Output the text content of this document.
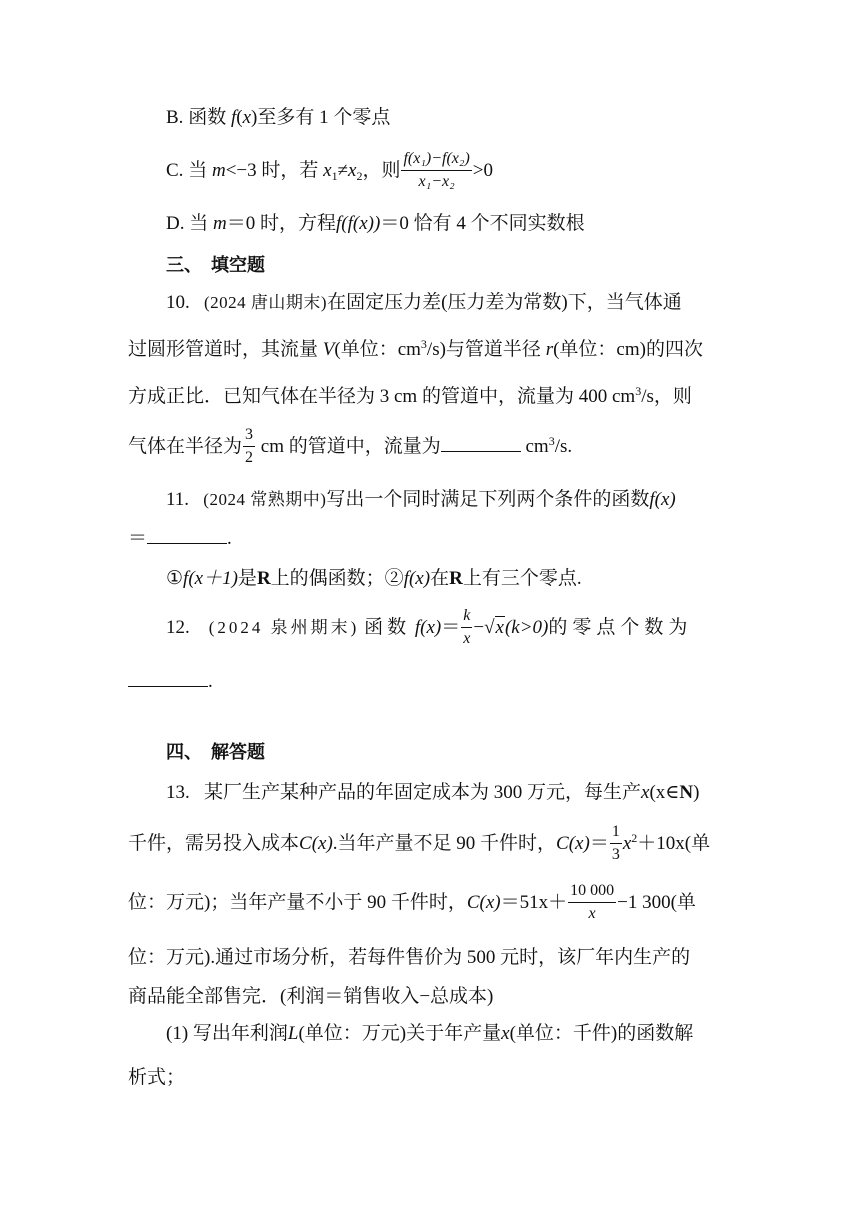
B. 函数 f(x)至多有 1 个零点
C. 当 m<−3 时，若 $x_1\ne x_2$，则 $\frac{\text{f(x₁)−f(x₂)}}{\text{x₁−x₂}} >0$
D. 当 m＝0 时，方程f(f(x))＝0 恰有 4 个不同实数根
三、　填空题
10. (2024 唐山期末)在固定压力差(压力差为常数)下，当气体通
过圆形管道时，其流量 V(单位：$cm^3/s$)与管道半径 r(单位：cm)的四次
方成正比．已知气体在半径为 3 cm 的管道中，流量为 400 $cm^3/s$，则
气体在半径为 $\frac{3}{2}$ cm 的管道中，流量为	$cm^3/s$.
11. (2024 常熟期中)写出一个同时满足下列两个条件的函数f(x)
＝	.
①f(x＋1)是R上的偶函数；②f(x)在R上有三个零点.
12. (2024 泉州期末) 函数 $f(x)= \frac{k}{x} -√x(k>0)$的零点个数为
.
四、　解答题
13. 某厂生产某种产品的年固定成本为 300 万元，每生产x(x∈N)
千件，需另投入成本C(x).当年产量不足 90 千件时，$C(x)= \frac{1}{3} x^2+10x$(单
位：万元)；当年产量不小于 90 千件时，$C(x)=51x+ \frac{10 000}{x} -1$ 300(单
位：万元).通过市场分析，若每件售价为 500 元时，该厂年内生产的
商品能全部售完．(利润＝销售收入−总成本)
(1) 写出年利润L(单位：万元)关于年产量x(单位：千件)的函数解
析式；
